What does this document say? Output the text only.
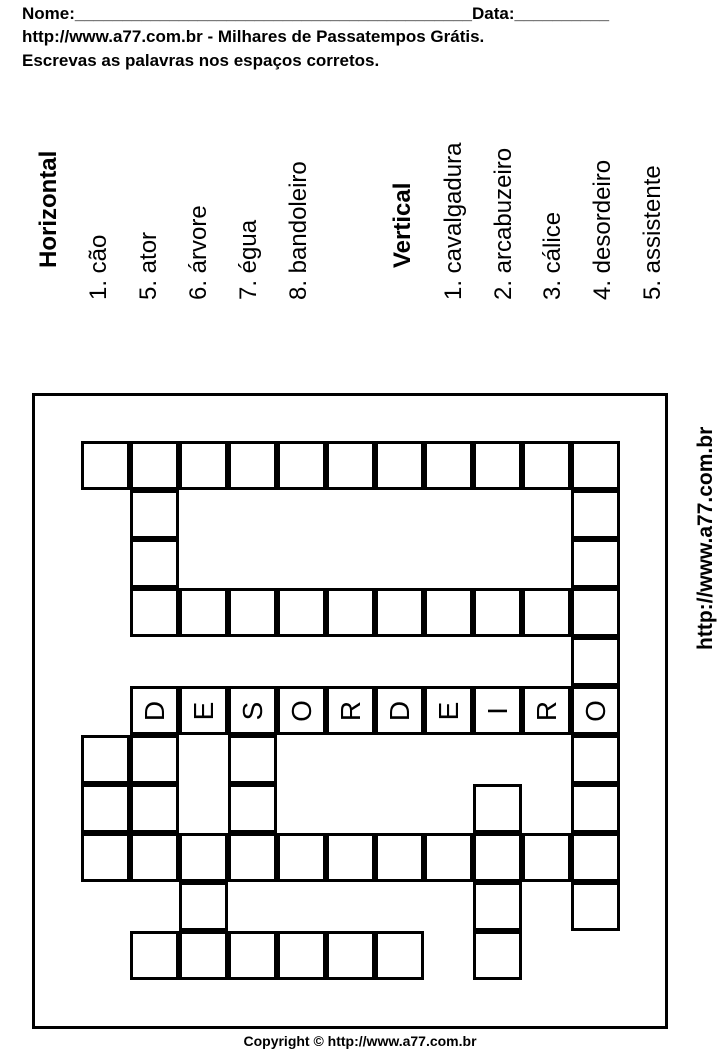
Nome:__________________________________________Data:__________
http://www.a77.com.br - Milhares de Passatempos Grátis.
Escrevas as palavras nos espaços corretos.
Horizontal 1. cão 5. ator 6. árvore 7. égua 8. bandoleiro	Vertical 1. cavalgadura 2. arcabuzeiro 3. cálice 4. desordeiro 5. assistente
D E S O R D E I R O
http://www.a77.com.br
Copyright © http://www.a77.com.br
